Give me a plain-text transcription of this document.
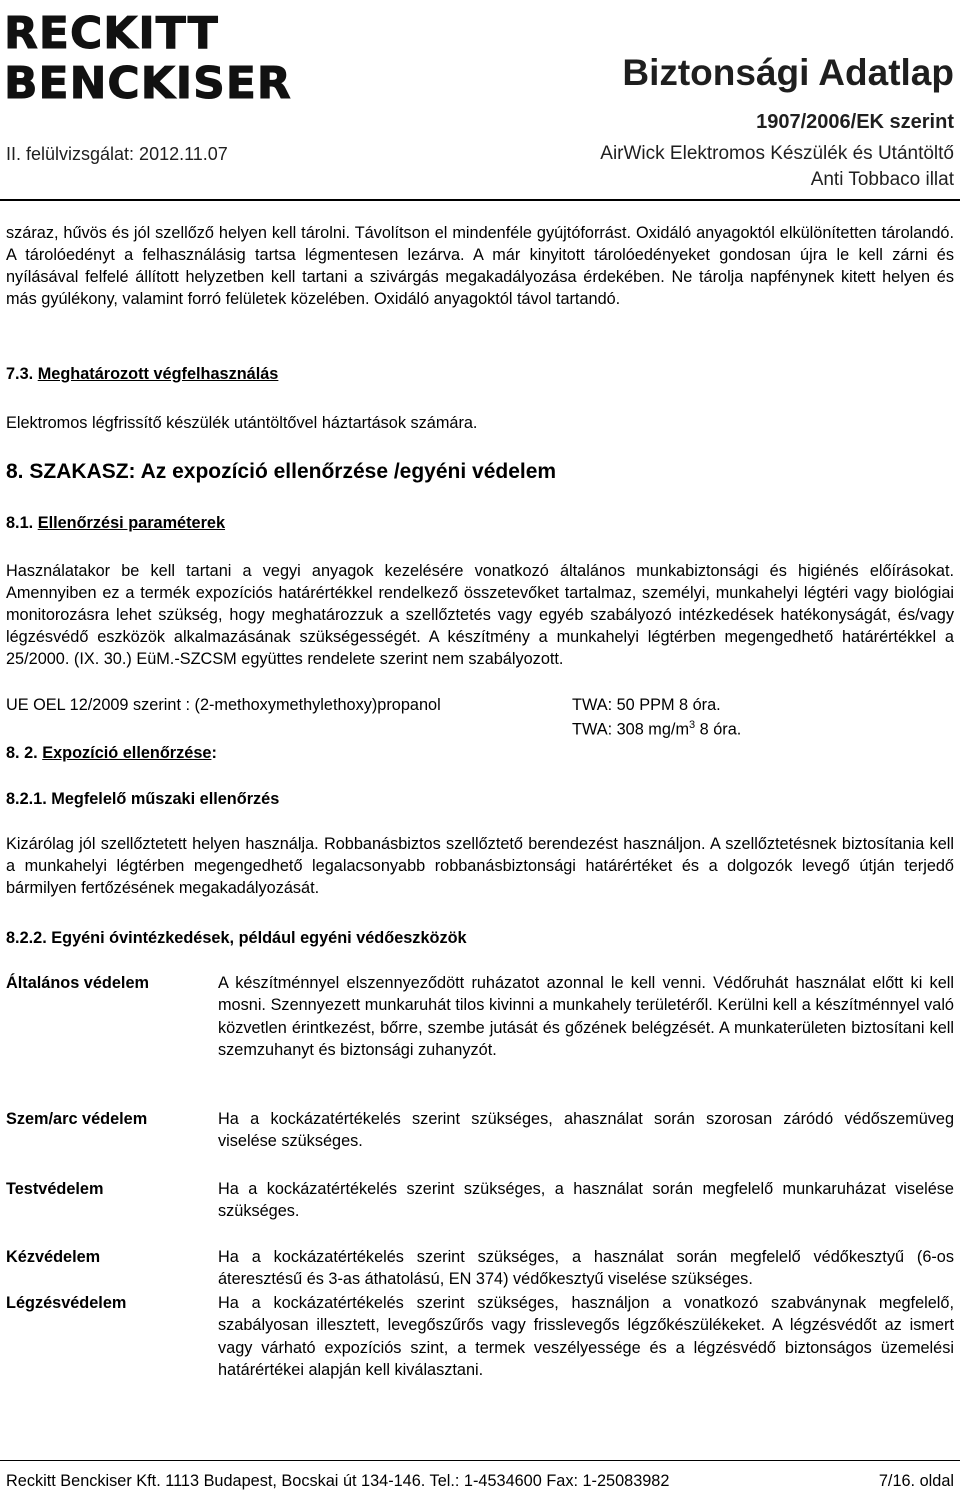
RECKITT
BENCKISER	Biztonsági Adatlap
1907/2006/EK szerint
II. felülvizsgálat: 2012.11.07	AirWick Elektromos Készülék és Utántöltő
Anti Tobbaco illat
száraz, hűvös és jól szellőző helyen kell tárolni. Távolítson el mindenféle gyújtóforrást. Oxidáló anyagoktól elkülönítetten tárolandó. A tárolóedényt a felhasználásig tartsa légmentesen lezárva. A már kinyitott tárolóedényeket gondosan újra le kell zárni és nyílásával felfelé állított helyzetben kell tartani a szivárgás megakadályozása érdekében. Ne tárolja napfénynek kitett helyen és más gyúlékony, valamint forró felületek közelében. Oxidáló anyagoktól távol tartandó.
7.3. Meghatározott végfelhasználás
Elektromos légfrissítő készülék utántöltővel háztartások számára.
8. SZAKASZ: Az expozíció ellenőrzése /egyéni védelem
8.1. Ellenőrzési paraméterek
Használatakor be kell tartani a vegyi anyagok kezelésére vonatkozó általános munkabiztonsági és higiénés előírásokat. Amennyiben ez a termék expozíciós határértékkel rendelkező összetevőket tartalmaz, személyi, munkahelyi légtéri vagy biológiai monitorozásra lehet szükség, hogy meghatározzuk a szellőztetés vagy egyéb szabályozó intézkedések hatékonyságát, és/vagy légzésvédő eszközök alkalmazásának szükségességét. A készítmény a munkahelyi légtérben megengedhető határértékkel a 25/2000. (IX. 30.) EüM.-SZCSM együttes rendelete szerint nem szabályozott.
UE OEL 12/2009 szerint : (2-methoxymethylethoxy)propanol	TWA: 50 PPM 8 óra.
TWA: 308 $mg/m^3$ 8 óra.
8. 2. Expozíció ellenőrzése:
8.2.1. Megfelelő műszaki ellenőrzés
Kizárólag jól szellőztetett helyen használja. Robbanásbiztos szellőztető berendezést használjon. A szellőztetésnek biztosítania kell a munkahelyi légtérben megengedhető legalacsonyabb robbanásbiztonsági határértéket és a dolgozók levegő útján terjedő bármilyen fertőzésének megakadályozását.
8.2.2. Egyéni óvintézkedések, például egyéni védőeszközök
Általános védelem	A készítménnyel elszennyeződött ruházatot azonnal le kell venni. Védőruhát használat előtt ki kell mosni. Szennyezett munkaruhát tilos kivinni a munkahely területéről. Kerülni kell a készítménnyel való közvetlen érintkezést, bőrre, szembe jutását és gőzének belégzését. A munkaterületen biztosítani kell szemzuhanyt és biztonsági zuhanyzót.
Szem/arc védelem	Ha a kockázatértékelés szerint szükséges, ahasználat során szorosan záródó védőszemüveg viselése szükséges.
Testvédelem	Ha a kockázatértékelés szerint szükséges, a használat során megfelelő munkaruházat viselése szükséges.
Kézvédelem	Ha a kockázatértékelés szerint szükséges, a használat során megfelelő védőkesztyű (6-os áteresztésű és 3-as áthatolású, EN 374) védőkesztyű viselése szükséges.
Légzésvédelem	Ha a kockázatértékelés szerint szükséges, használjon a vonatkozó szabványnak megfelelő, szabályosan illesztett, levegőszűrős vagy frisslevegős légzőkészülékeket. A légzésvédőt az ismert vagy várható expozíciós szint, a termek veszélyessége és a légzésvédő biztonságos üzemelési határértékei alapján kell kiválasztani.
Reckitt Benckiser Kft. 1113 Budapest, Bocskai út 134-146. Tel.: 1-4534600 Fax: 1-25083982	7/16. oldal
